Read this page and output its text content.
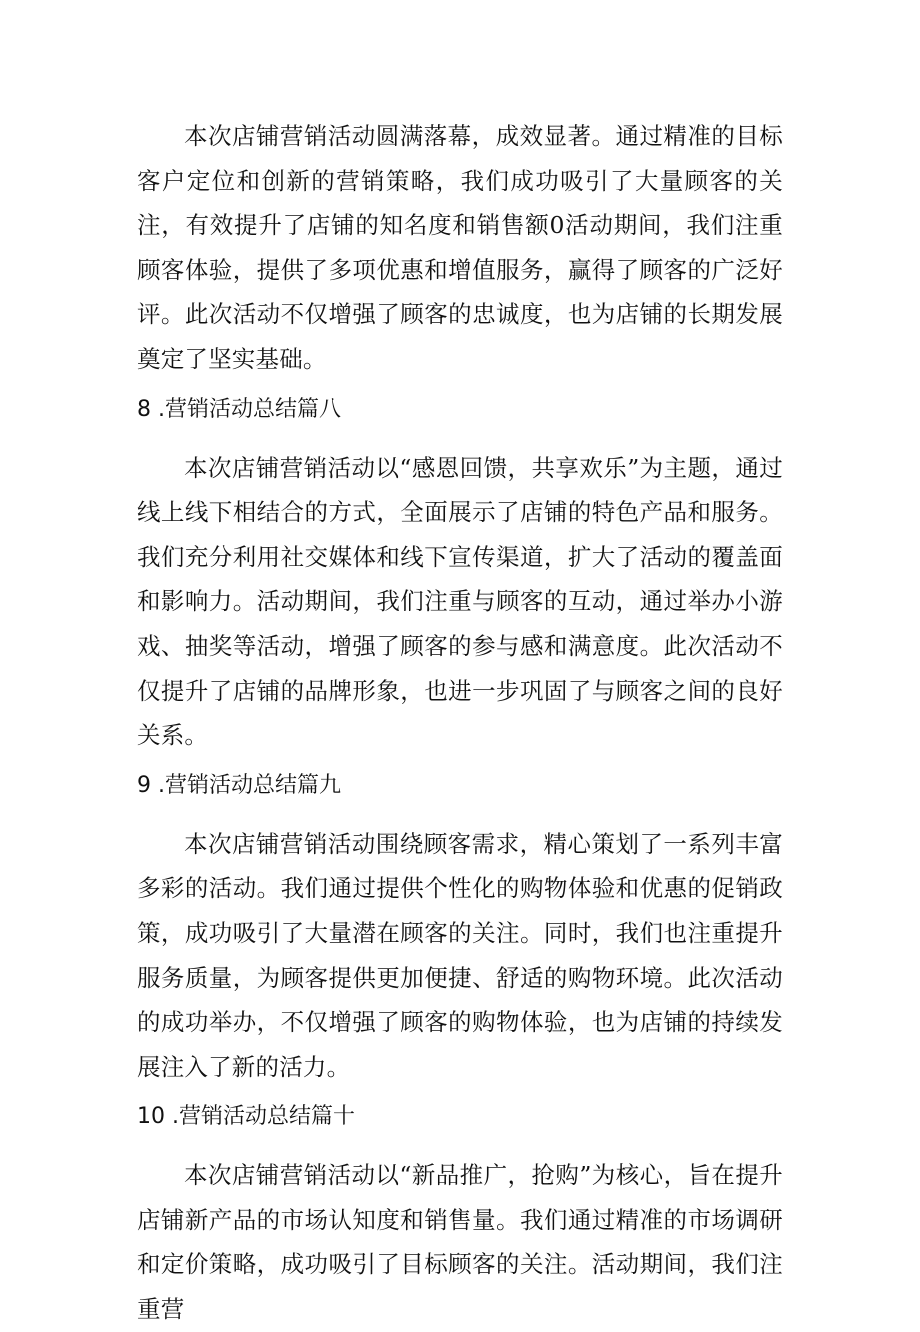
本次店铺营销活动圆满落幕，成效显著。通过精准的目标客户定位和创新的营销策略，我们成功吸引了大量顾客的关注，有效提升了店铺的知名度和销售额0活动期间，我们注重顾客体验，提供了多项优惠和增值服务，赢得了顾客的广泛好评。此次活动不仅增强了顾客的忠诚度，也为店铺的长期发展奠定了坚实基础。

8 .营销活动总结篇八

本次店铺营销活动以“感恩回馈，共享欢乐”为主题，通过线上线下相结合的方式，全面展示了店铺的特色产品和服务。我们充分利用社交媒体和线下宣传渠道，扩大了活动的覆盖面和影响力。活动期间，我们注重与顾客的互动，通过举办小游戏、抽奖等活动，增强了顾客的参与感和满意度。此次活动不仅提升了店铺的品牌形象，也进一步巩固了与顾客之间的良好关系。

9 .营销活动总结篇九

本次店铺营销活动围绕顾客需求，精心策划了一系列丰富多彩的活动。我们通过提供个性化的购物体验和优惠的促销政策，成功吸引了大量潜在顾客的关注。同时，我们也注重提升服务质量，为顾客提供更加便捷、舒适的购物环境。此次活动的成功举办，不仅增强了顾客的购物体验，也为店铺的持续发展注入了新的活力。

10 .营销活动总结篇十

本次店铺营销活动以“新品推广，抢购”为核心，旨在提升店铺新产品的市场认知度和销售量。我们通过精准的市场调研和定价策略，成功吸引了目标顾客的关注。活动期间，我们注重营
